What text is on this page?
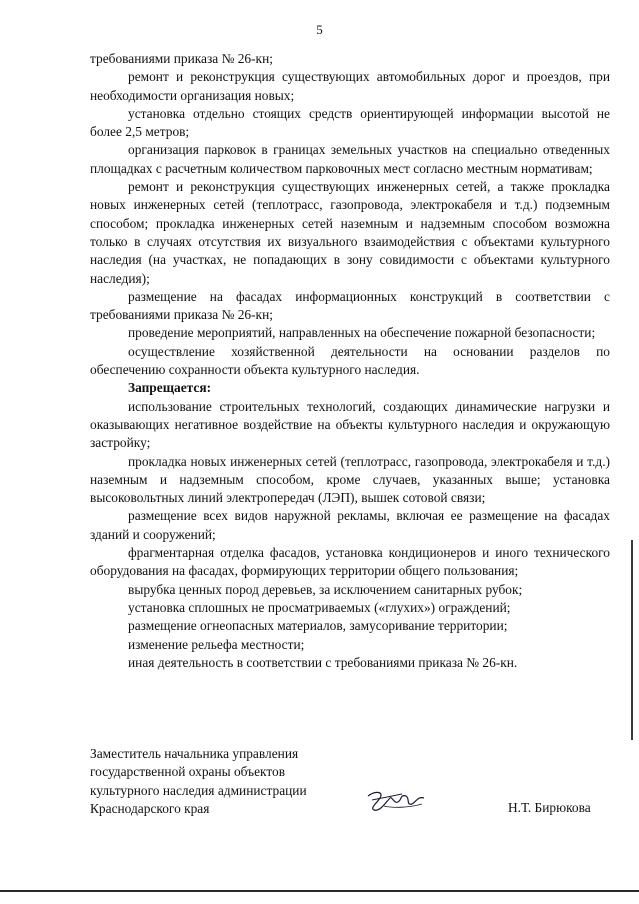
5

требованиями приказа № 26-кн;

ремонт и реконструкция существующих автомобильных дорог и проездов, при необходимости организация новых;

установка отдельно стоящих средств ориентирующей информации высотой не более 2,5 метров;

организация парковок в границах земельных участков на специально отведенных площадках с расчетным количеством парковочных мест согласно местным нормативам;

ремонт и реконструкция существующих инженерных сетей, а также прокладка новых инженерных сетей (теплотрасс, газопровода, электрокабеля и т.д.) подземным способом; прокладка инженерных сетей наземным и надземным способом возможна только в случаях отсутствия их визуального взаимодействия с объектами культурного наследия (на участках, не попадающих в зону совидимости с объектами культурного наследия);

размещение на фасадах информационных конструкций в соответствии с требованиями приказа № 26-кн;

проведение мероприятий, направленных на обеспечение пожарной безопасности;

осуществление хозяйственной деятельности на основании разделов по обеспечению сохранности объекта культурного наследия.

Запрещается:

использование строительных технологий, создающих динамические нагрузки и оказывающих негативное воздействие на объекты культурного наследия и окружающую застройку;

прокладка новых инженерных сетей (теплотрасс, газопровода, электрокабеля и т.д.) наземным и надземным способом, кроме случаев, указанных выше; установка высоковольтных линий электропередач (ЛЭП), вышек сотовой связи;

размещение всех видов наружной рекламы, включая ее размещение на фасадах зданий и сооружений;

фрагментарная отделка фасадов, установка кондиционеров и иного технического оборудования на фасадах, формирующих территории общего пользования;

вырубка ценных пород деревьев, за исключением санитарных рубок;

установка сплошных не просматриваемых («глухих») ограждений;

размещение огнеопасных материалов, замусоривание территории;

изменение рельефа местности;

иная деятельность в соответствии с требованиями приказа № 26-кн.

Заместитель начальника управления
государственной охраны объектов
культурного наследия администрации
Краснодарского края	Н.Т. Бирюкова
